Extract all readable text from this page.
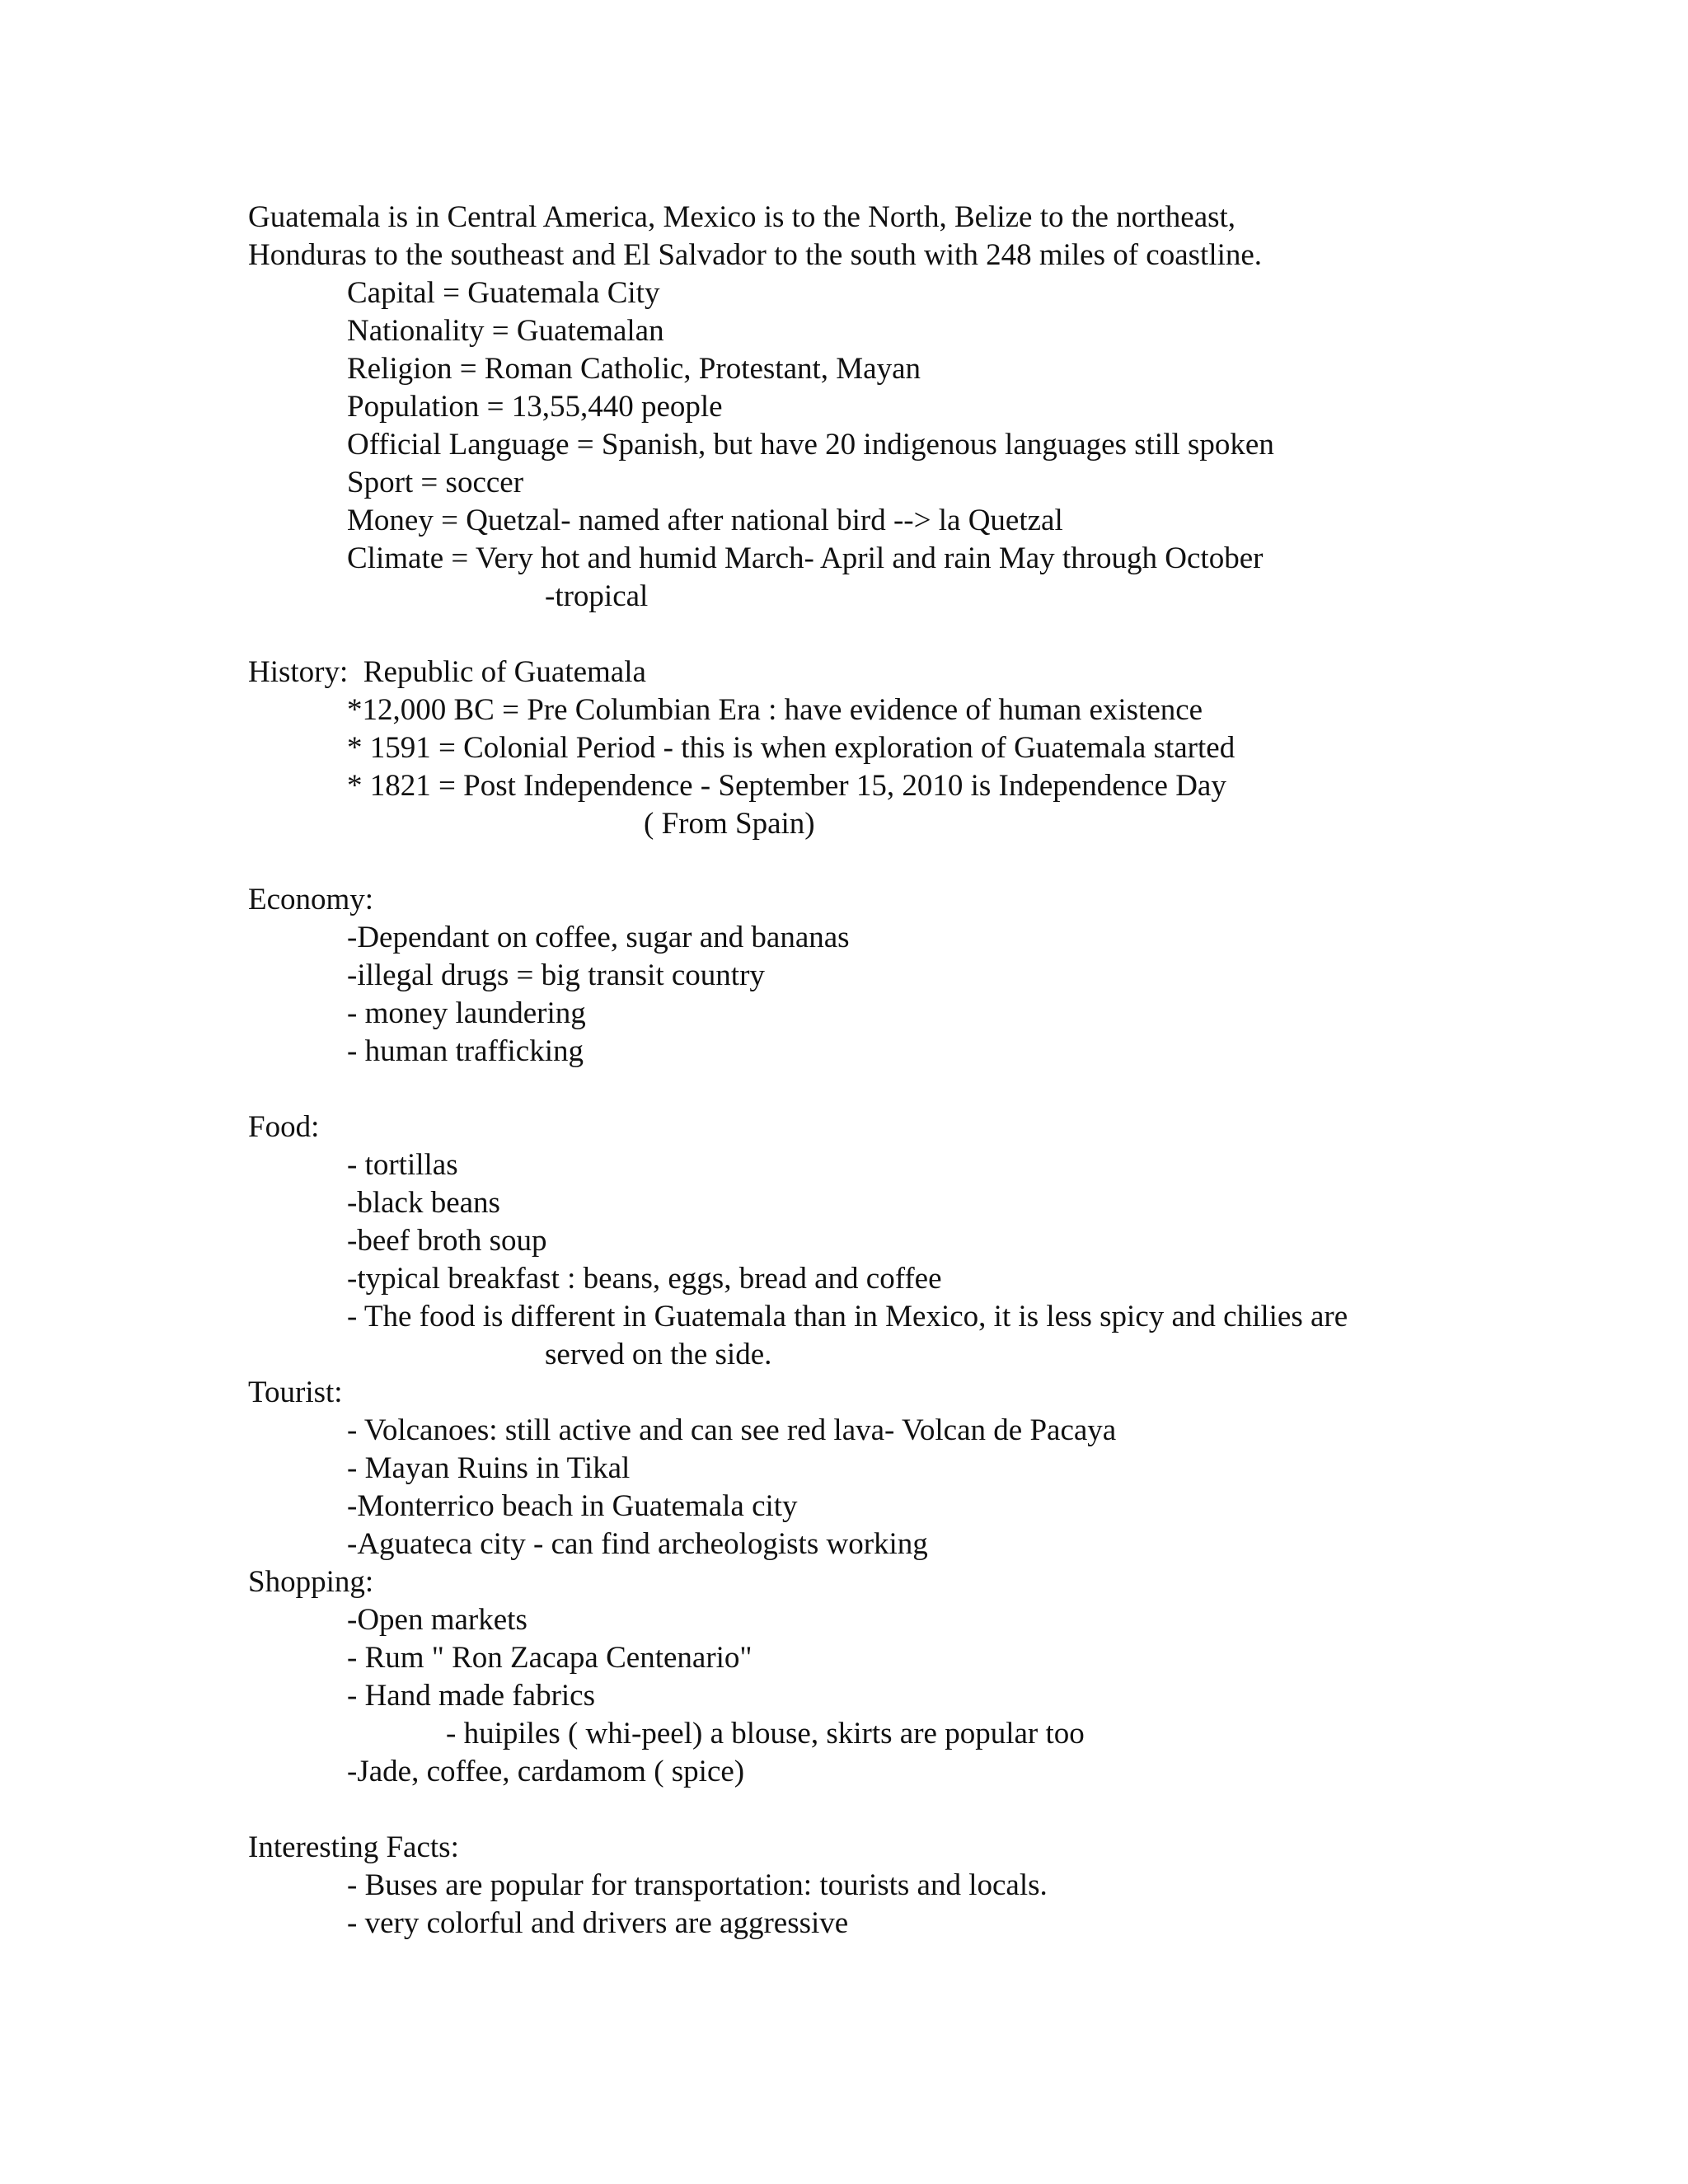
Guatemala is in Central America, Mexico is to the North, Belize to the northeast,
Honduras to the southeast and El Salvador to the south with 248 miles of coastline.
Capital = Guatemala City
Nationality = Guatemalan
Religion = Roman Catholic, Protestant, Mayan
Population = 13,55,440 people
Official Language = Spanish, but have 20 indigenous languages still spoken
Sport = soccer
Money = Quetzal- named after national bird --> la Quetzal
Climate = Very hot and humid March- April and rain May through October
-tropical
History:  Republic of Guatemala
*12,000 BC = Pre Columbian Era : have evidence of human existence
* 1591 = Colonial Period - this is when exploration of Guatemala started
* 1821 = Post Independence - September 15, 2010 is Independence Day
( From Spain)
Economy:
-Dependant on coffee, sugar and bananas
-illegal drugs = big transit country
- money laundering
- human trafficking
Food:
- tortillas
-black beans
-beef broth soup
-typical breakfast : beans, eggs, bread and coffee
- The food is different in Guatemala than in Mexico, it is less spicy and chilies are
served on the side.
Tourist:
- Volcanoes: still active and can see red lava- Volcan de Pacaya
- Mayan Ruins in Tikal
-Monterrico beach in Guatemala city
-Aguateca city - can find archeologists working
Shopping:
-Open markets
- Rum " Ron Zacapa Centenario"
- Hand made fabrics
- huipiles ( whi-peel) a blouse, skirts are popular too
-Jade, coffee, cardamom ( spice)
Interesting Facts:
- Buses are popular for transportation: tourists and locals.
- very colorful and drivers are aggressive
